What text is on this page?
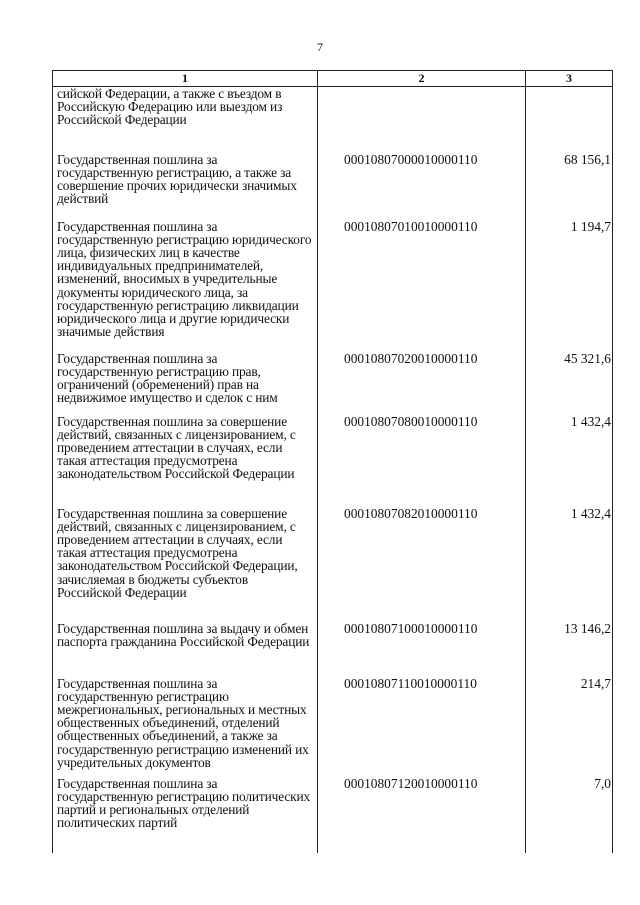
7
1	2	3
сийской Федерации, а также с въездом в Российскую Федерацию или выездом из Российской Федерации		
Государственная пошлина за государственную регистрацию, а также за совершение прочих юридически значимых действий	00010807000010000110	68 156,1
Государственная пошлина за государственную регистрацию юридического лица, физических лиц в качестве индивидуальных предпринимателей, изменений, вносимых в учредительные документы юридического лица, за государственную регистрацию ликвидации юридического лица и другие юридически значимые действия	00010807010010000110	1 194,7
Государственная пошлина за государственную регистрацию прав, ограничений (обременений) прав на недвижимое имущество и сделок с ним	00010807020010000110	45 321,6
Государственная пошлина за совершение действий, связанных с лицензированием, с проведением аттестации в случаях, если такая аттестация предусмотрена законодательством Российской Федерации	00010807080010000110	1 432,4
Государственная пошлина за совершение действий, связанных с лицензированием, с проведением аттестации в случаях, если такая аттестация предусмотрена законодательством Российской Федерации, зачисляемая в бюджеты субъектов Российской Федерации	00010807082010000110	1 432,4
Государственная пошлина за выдачу и обмен паспорта гражданина Российской Федерации	00010807100010000110	13 146,2
Государственная пошлина за государственную регистрацию межрегиональных, региональных и местных общественных объединений, отделений общественных объединений, а также за государственную регистрацию изменений их учредительных документов	00010807110010000110	214,7
Государственная пошлина за государственную регистрацию политических партий и региональных отделений политических партий	00010807120010000110	7,0
